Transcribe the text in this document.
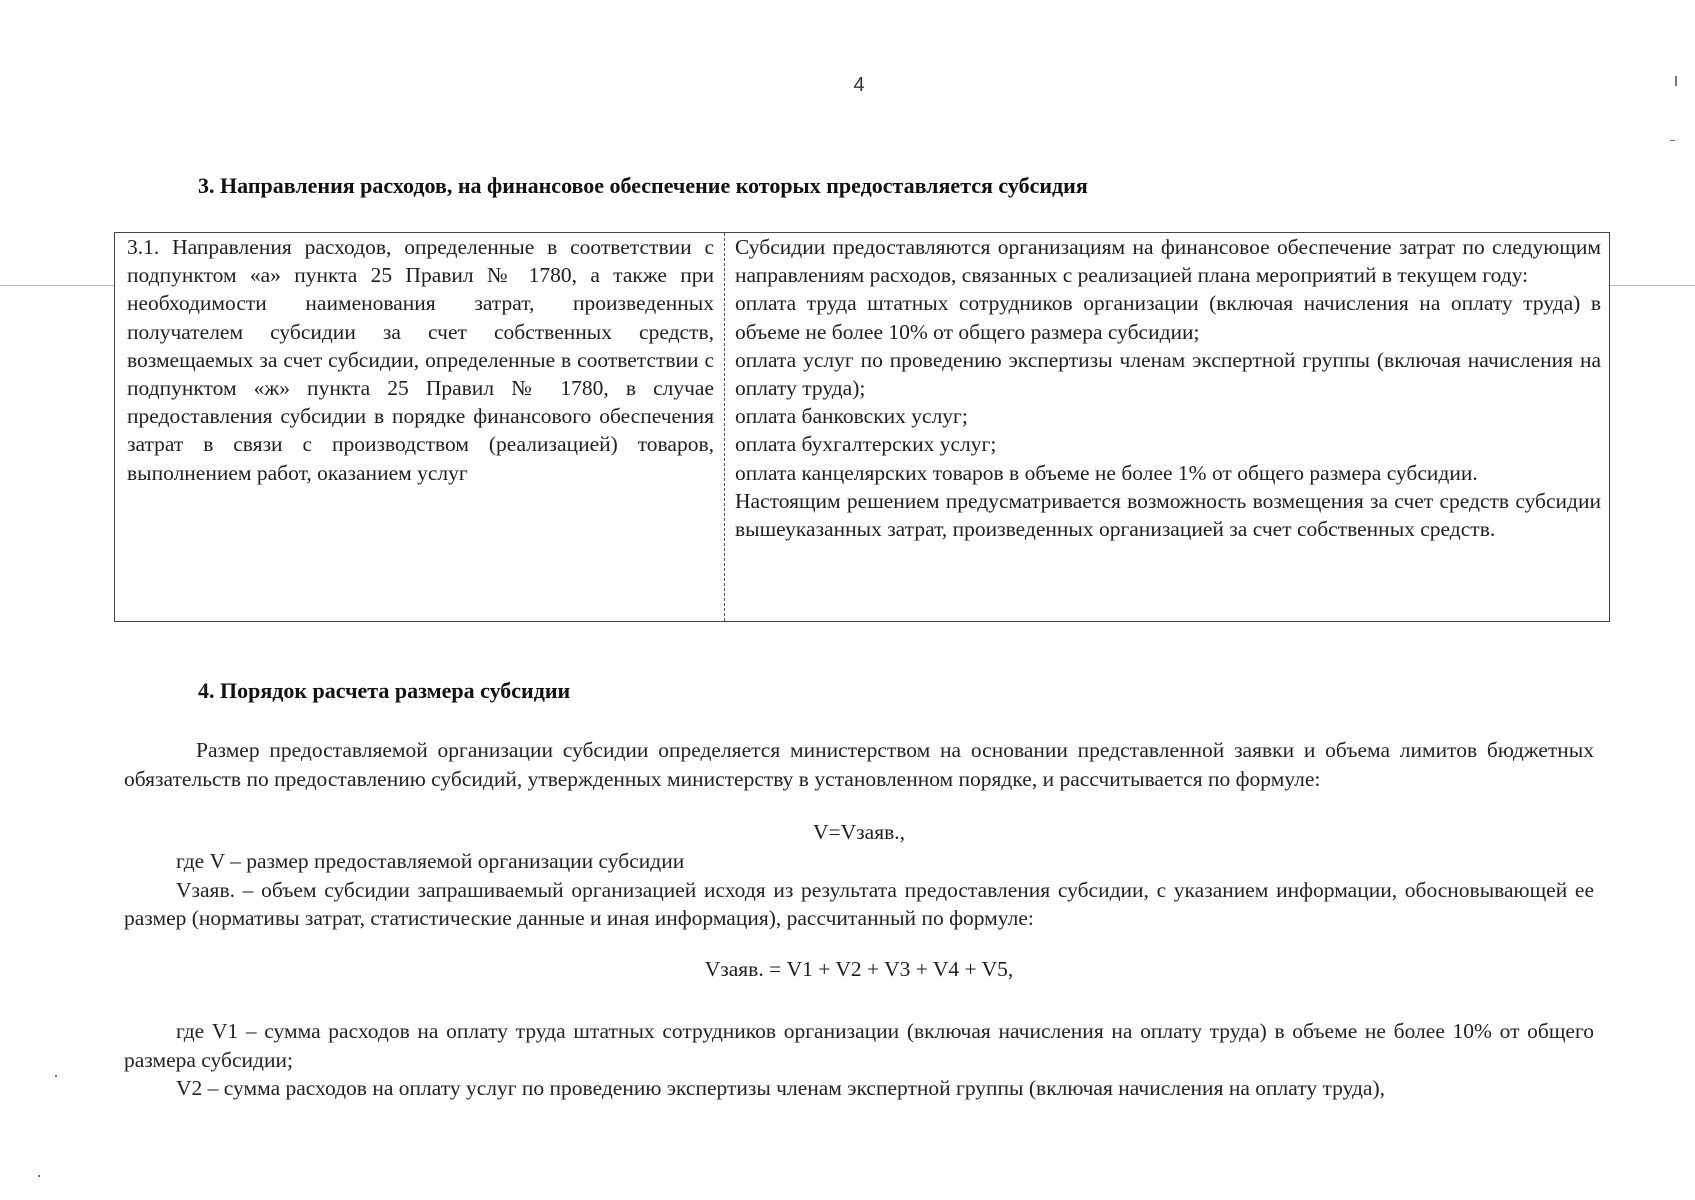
4
3. Направления расходов, на финансовое обеспечение которых предоставляется субсидия

3.1. Направления расходов, определенные в соответствии с подпунктом «а» пункта 25 Правил № 1780, а также при необходимости наименования затрат, произведенных получателем субсидии за счет собственных средств, возмещаемых за счет субсидии, определенные в соответствии с подпунктом «ж» пункта 25 Правил № 1780, в случае предоставления субсидии в порядке финансового обеспечения затрат в связи с производством (реализацией) товаров, выполнением работ, оказанием услуг

Субсидии предоставляются организациям на финансовое обеспечение затрат по следующим направлениям расходов, связанных с реализацией плана мероприятий в текущем году:

оплата труда штатных сотрудников организации (включая начисления на оплату труда) в объеме не более 10% от общего размера субсидии;

оплата услуг по проведению экспертизы членам экспертной группы (включая начисления на оплату труда);

оплата банковских услуг;

оплата бухгалтерских услуг;

оплата канцелярских товаров в объеме не более 1% от общего размера субсидии.

Настоящим решением предусматривается возможность возмещения за счет средств субсидии вышеуказанных затрат, произведенных организацией за счет собственных средств.

4. Порядок расчета размера субсидии

Размер предоставляемой организации субсидии определяется министерством на основании представленной заявки и объема лимитов бюджетных обязательств по предоставлению субсидий, утвержденных министерству в установленном порядке, и рассчитывается по формуле:

V=Vзаяв.,

где V – размер предоставляемой организации субсидии

Vзаяв. – объем субсидии запрашиваемый организацией исходя из результата предоставления субсидии, с указанием информации, обосновывающей ее размер (нормативы затрат, статистические данные и иная информация), рассчитанный по формуле:

Vзаяв. = V1 + V2 + V3 + V4 + V5,

где V1 – сумма расходов на оплату труда штатных сотрудников организации (включая начисления на оплату труда) в объеме не более 10% от общего размера субсидии;

V2 – сумма расходов на оплату услуг по проведению экспертизы членам экспертной группы (включая начисления на оплату труда),
